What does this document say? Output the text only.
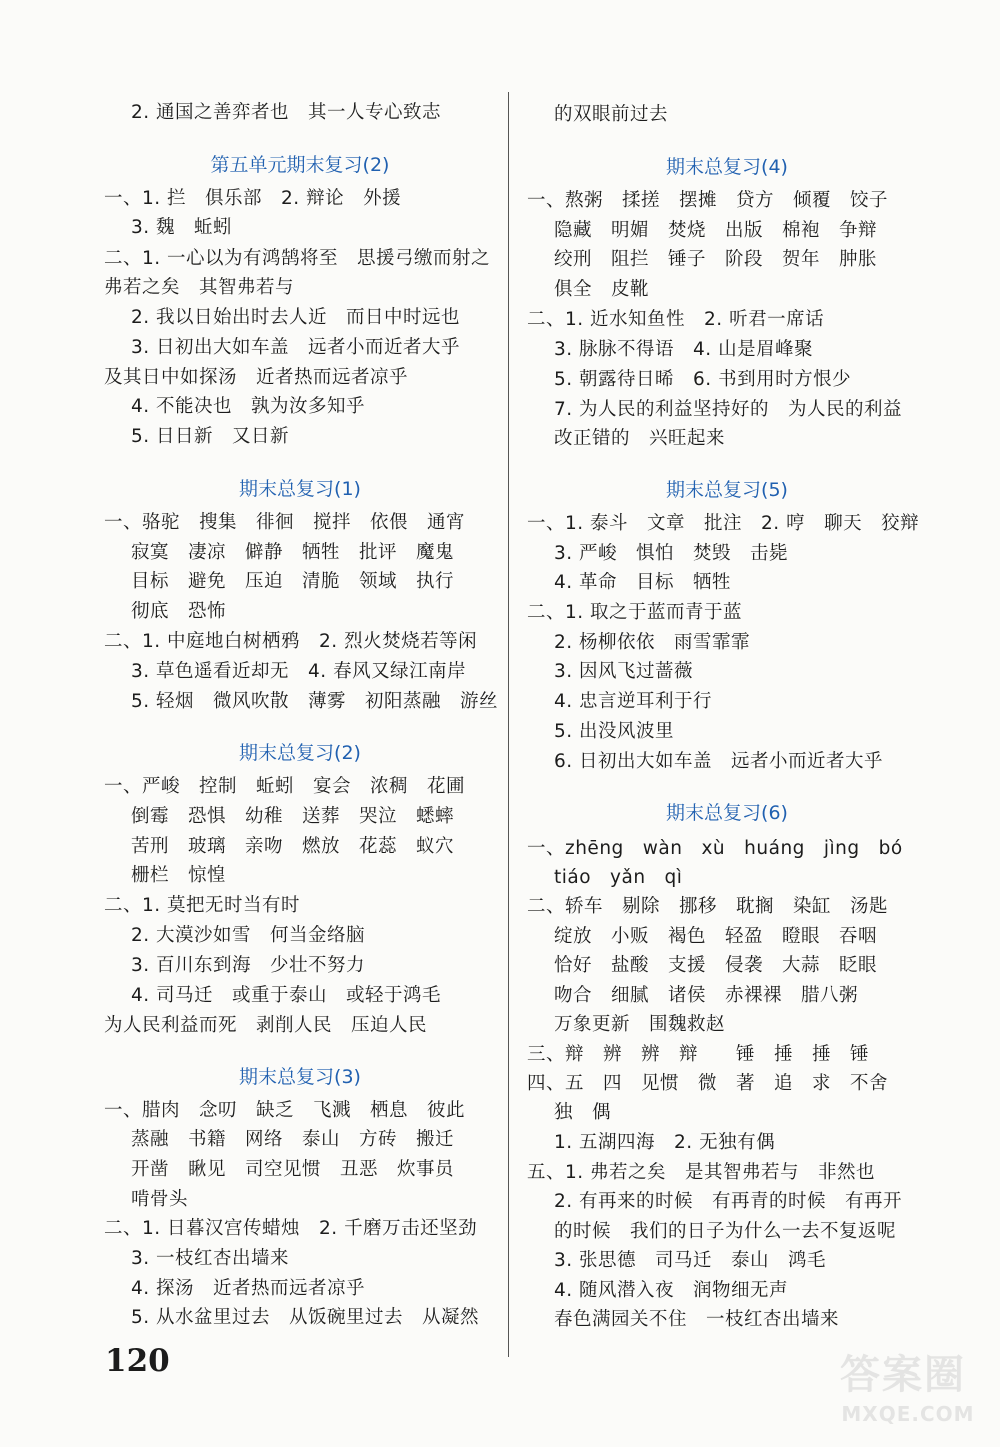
2. 通国之善弈者也　其一人专心致志
第五单元期末复习(2)
一、1. 拦　俱乐部　2. 辩论　外援
3. 魏　蚯蚓
二、1. 一心以为有鸿鹄将至　思援弓缴而射之
弗若之矣　其智弗若与
2. 我以日始出时去人近　而日中时远也
3. 日初出大如车盖　远者小而近者大乎
及其日中如探汤　近者热而远者凉乎
4. 不能决也　孰为汝多知乎
5. 日日新　又日新
期末总复习(1)
一、骆驼　搜集　徘徊　搅拌　依偎　通宵
寂寞　凄凉　僻静　牺牲　批评　魔鬼
目标　避免　压迫　清脆　领域　执行
彻底　恐怖
二、1. 中庭地白树栖鸦　2. 烈火焚烧若等闲
3. 草色遥看近却无　4. 春风又绿江南岸
5. 轻烟　微风吹散　薄雾　初阳蒸融　游丝
期末总复习(2)
一、严峻　控制　蚯蚓　宴会　浓稠　花圃
倒霉　恐惧　幼稚　送葬　哭泣　蟋蟀
苦刑　玻璃　亲吻　燃放　花蕊　蚁穴
栅栏　惊惶
二、1. 莫把无时当有时
2. 大漠沙如雪　何当金络脑
3. 百川东到海　少壮不努力
4. 司马迁　或重于泰山　或轻于鸿毛
为人民利益而死　剥削人民　压迫人民
期末总复习(3)
一、腊肉　念叨　缺乏　飞溅　栖息　彼此
蒸融　书籍　网络　泰山　方砖　搬迁
开凿　瞅见　司空见惯　丑恶　炊事员
啃骨头
二、1. 日暮汉宫传蜡烛　2. 千磨万击还坚劲
3. 一枝红杏出墙来
4. 探汤　近者热而远者凉乎
5. 从水盆里过去　从饭碗里过去　从凝然
的双眼前过去
期末总复习(4)
一、熬粥　揉搓　摆摊　贷方　倾覆　饺子
隐藏　明媚　焚烧　出版　棉袍　争辩
绞刑　阻拦　锤子　阶段　贺年　肿胀
俱全　皮靴
二、1. 近水知鱼性　2. 听君一席话
3. 脉脉不得语　4. 山是眉峰聚
5. 朝露待日晞　6. 书到用时方恨少
7. 为人民的利益坚持好的　为人民的利益
改正错的　兴旺起来
期末总复习(5)
一、1. 泰斗　文章　批注　2. 哼　聊天　狡辩
3. 严峻　惧怕　焚毁　击毙
4. 革命　目标　牺牲
二、1. 取之于蓝而青于蓝
2. 杨柳依依　雨雪霏霏
3. 因风飞过蔷薇
4. 忠言逆耳利于行
5. 出没风波里
6. 日初出大如车盖　远者小而近者大乎
期末总复习(6)
一、zhēng　wàn　xù　huáng　jìng　bó
tiáo　yǎn　qì
二、轿车　剔除　挪移　耽搁　染缸　汤匙
绽放　小贩　褐色　轻盈　瞪眼　吞咽
恰好　盐酸　支援　侵袭　大蒜　眨眼
吻合　细腻　诸侯　赤裸裸　腊八粥
万象更新　围魏救赵
三、辩　辨　辨　辩　　锤　捶　捶　锤
四、五　四　见惯　微　著　追　求　不舍
独　偶
1. 五湖四海　2. 无独有偶
五、1. 弗若之矣　是其智弗若与　非然也
2. 有再来的时候　有再青的时候　有再开
的时候　我们的日子为什么一去不复返呢
3. 张思德　司马迁　泰山　鸿毛
4. 随风潜入夜　润物细无声
春色满园关不住　一枝红杏出墙来
120	答案圈
MXQE.COM
